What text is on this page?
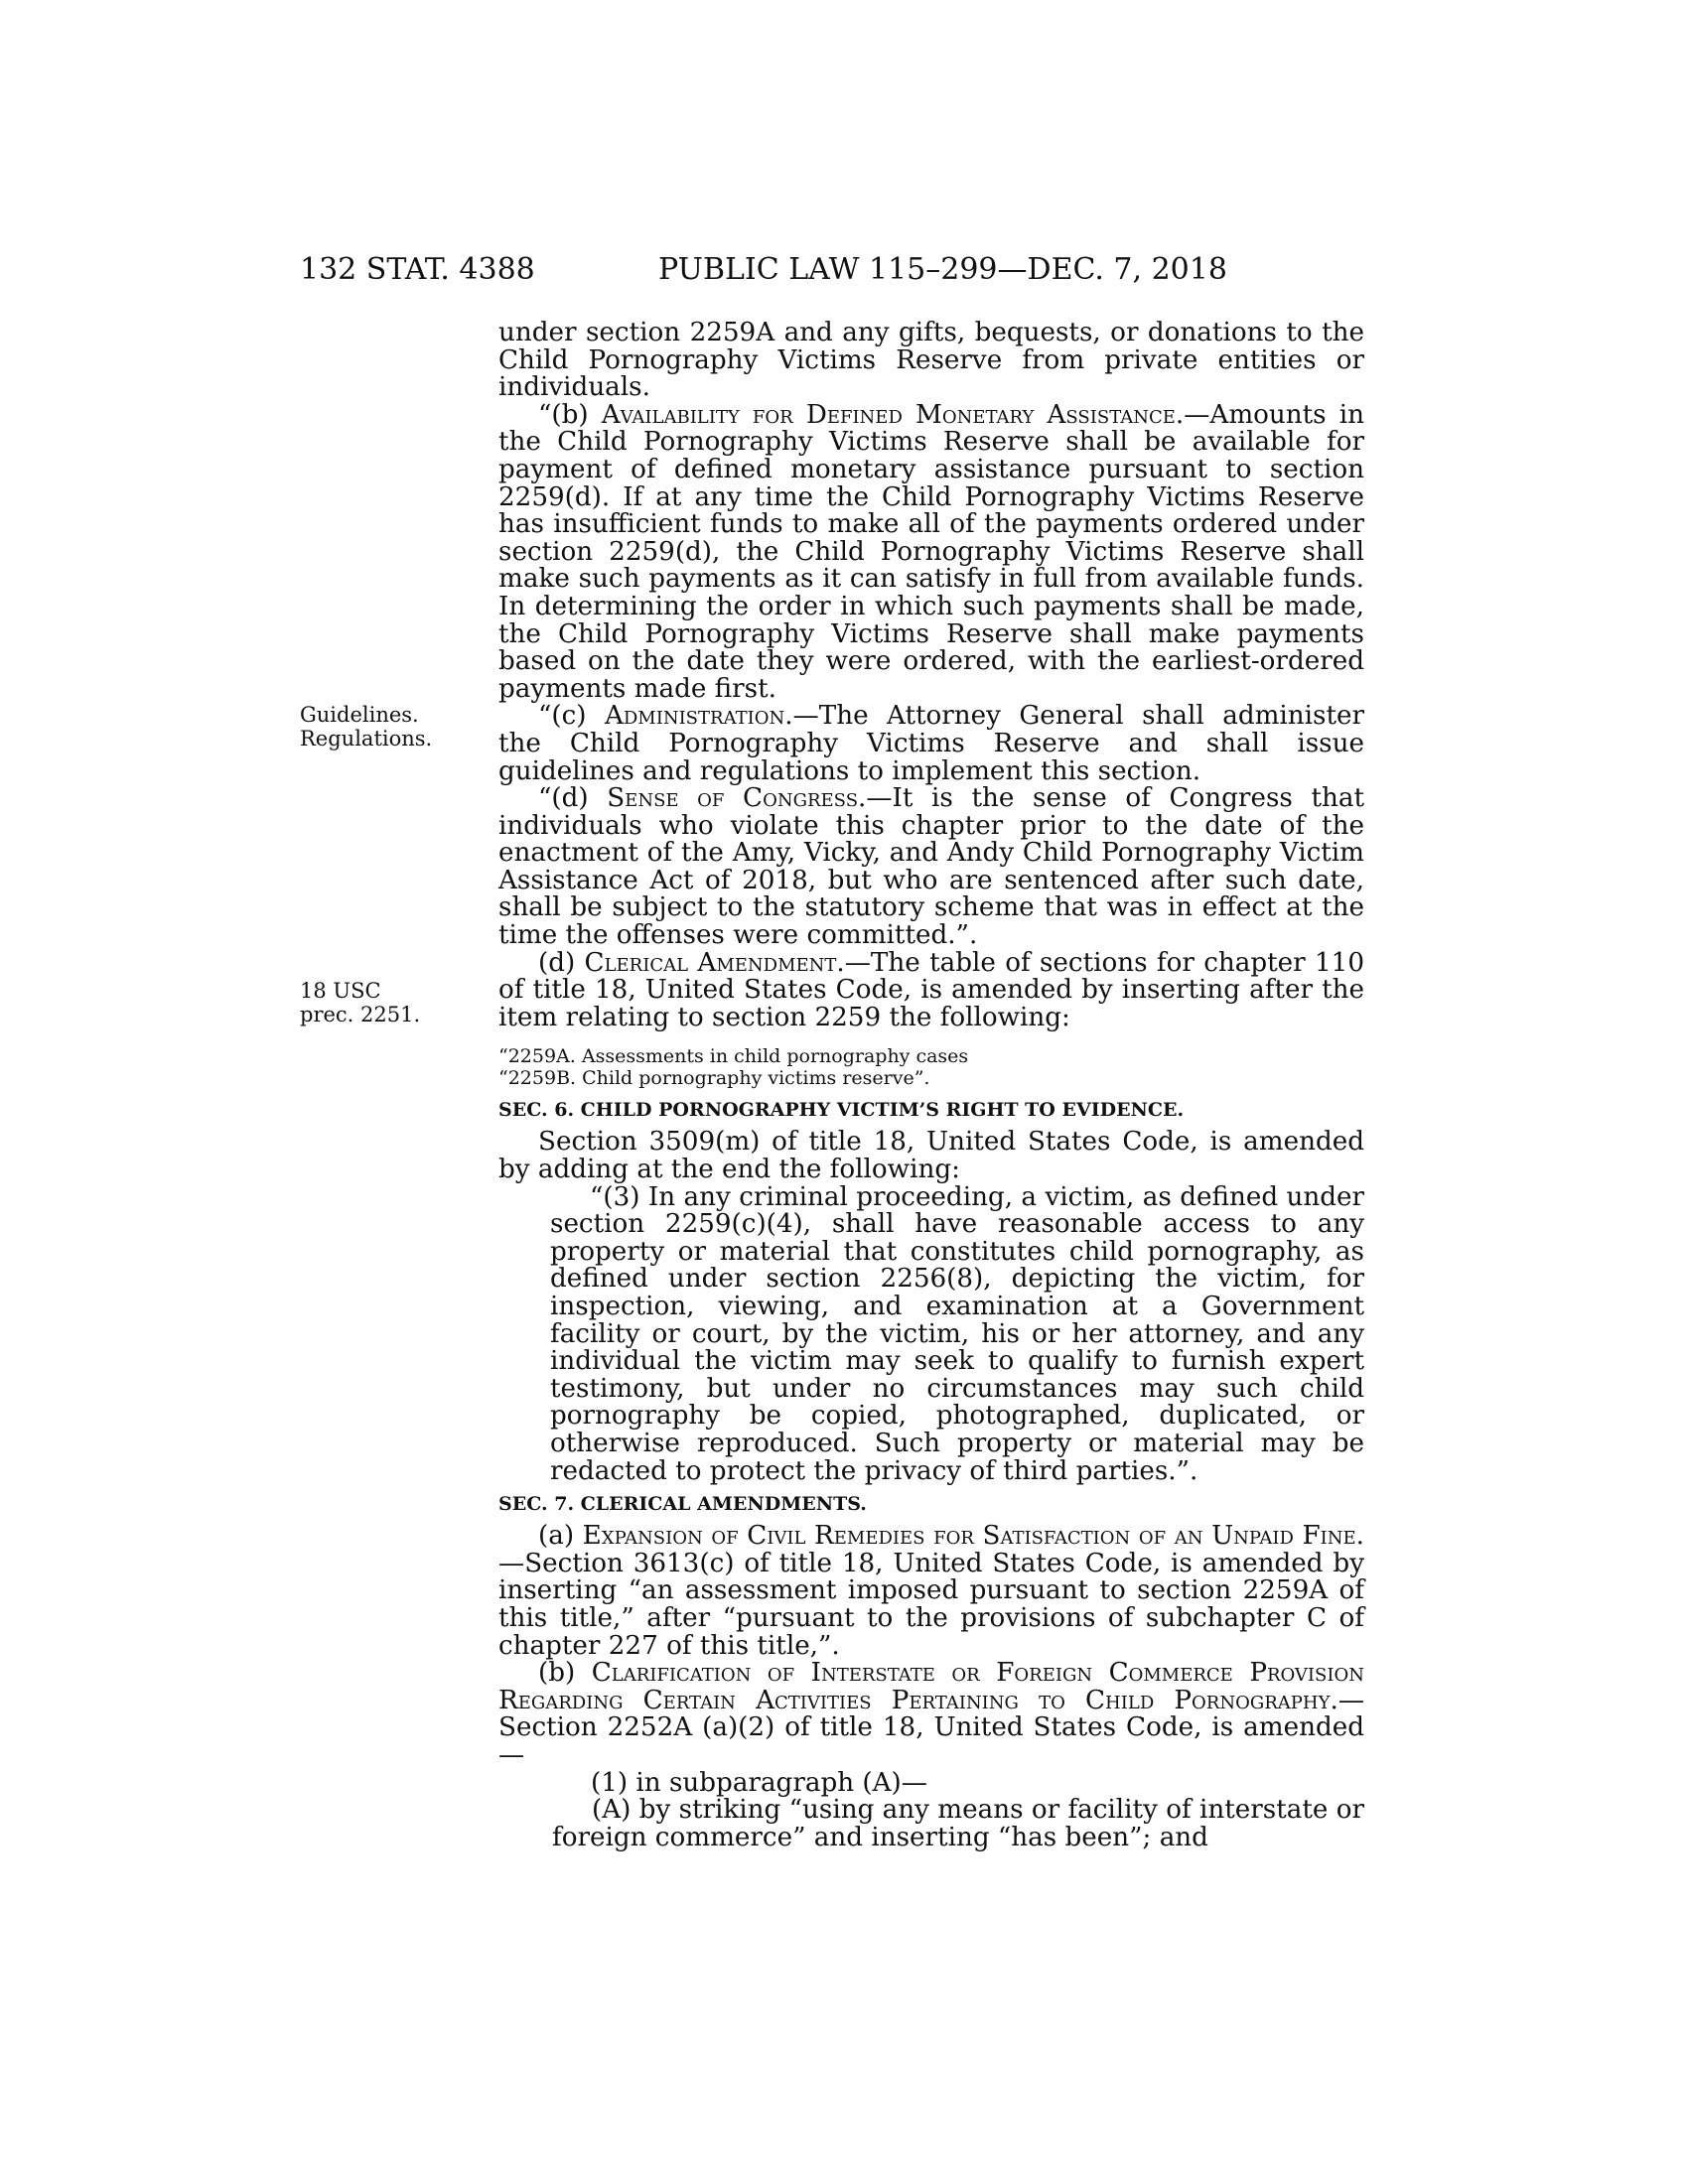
132 STAT. 4388	PUBLIC LAW 115–299—DEC. 7, 2018
Guidelines.
Regulations.
18 USC
prec. 2251.

under section 2259A and any gifts, bequests, or donations to the Child Pornography Victims Reserve from private entities or individuals.

“(b) Availability for Defined Monetary Assistance.—Amounts in the Child Pornography Victims Reserve shall be available for payment of defined monetary assistance pursuant to section 2259(d). If at any time the Child Pornography Victims Reserve has insufficient funds to make all of the payments ordered under section 2259(d), the Child Pornography Victims Reserve shall make such payments as it can satisfy in full from available funds. In determining the order in which such payments shall be made, the Child Pornography Victims Reserve shall make payments based on the date they were ordered, with the earliest-ordered payments made first.

“(c) Administration.—The Attorney General shall administer the Child Pornography Victims Reserve and shall issue guidelines and regulations to implement this section.

“(d) Sense of Congress.—It is the sense of Congress that individuals who violate this chapter prior to the date of the enactment of the Amy, Vicky, and Andy Child Pornography Victim Assistance Act of 2018, but who are sentenced after such date, shall be subject to the statutory scheme that was in effect at the time the offenses were committed.”.

(d) Clerical Amendment.—The table of sections for chapter 110 of title 18, United States Code, is amended by inserting after the item relating to section 2259 the following:

“2259A. Assessments in child pornography cases
“2259B. Child pornography victims reserve”.

SEC. 6. CHILD PORNOGRAPHY VICTIM’S RIGHT TO EVIDENCE.

Section 3509(m) of title 18, United States Code, is amended by adding at the end the following:

“(3) In any criminal proceeding, a victim, as defined under section 2259(c)(4), shall have reasonable access to any property or material that constitutes child pornography, as defined under section 2256(8), depicting the victim, for inspection, viewing, and examination at a Government facility or court, by the victim, his or her attorney, and any individual the victim may seek to qualify to furnish expert testimony, but under no circumstances may such child pornography be copied, photographed, duplicated, or otherwise reproduced. Such property or material may be redacted to protect the privacy of third parties.”.

SEC. 7. CLERICAL AMENDMENTS.

(a) Expansion of Civil Remedies for Satisfaction of an Unpaid Fine.—Section 3613(c) of title 18, United States Code, is amended by inserting “an assessment imposed pursuant to section 2259A of this title,” after “pursuant to the provisions of subchapter C of chapter 227 of this title,”.

(b) Clarification of Interstate or Foreign Commerce Provision Regarding Certain Activities Pertaining to Child Pornography.—Section 2252A (a)(2) of title 18, United States Code, is amended—

(1) in subparagraph (A)—

(A) by striking “using any means or facility of interstate or foreign commerce” and inserting “has been”; and
